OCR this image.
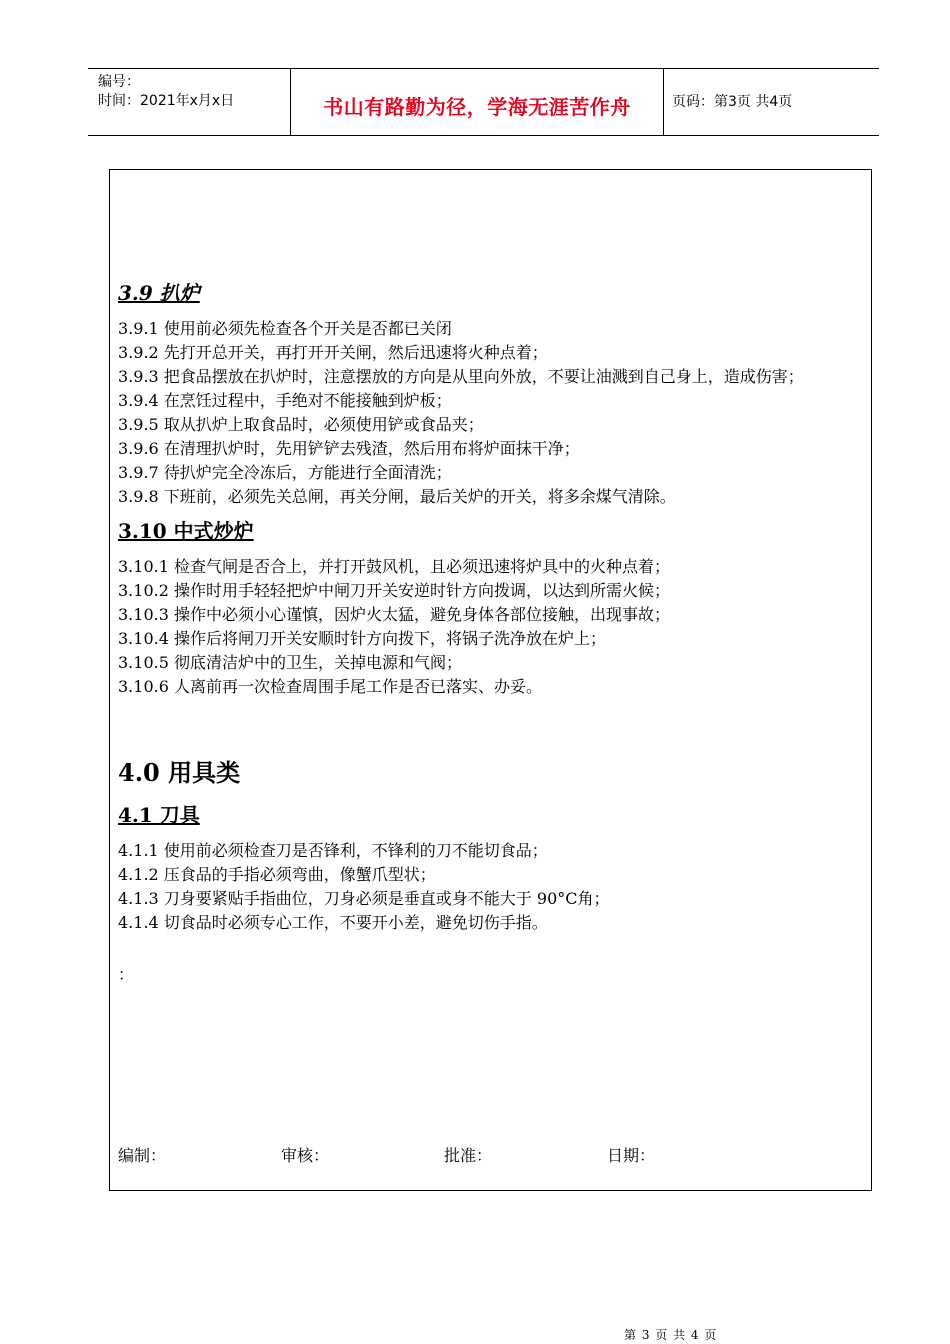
编号：
时间：2021年x月x日	书山有路勤为径，学海无涯苦作舟	页码：第3页 共4页

3.9 扒炉

3.9.1 使用前必须先检查各个开关是否都已关闭

3.9.2 先打开总开关，再打开开关闸，然后迅速将火种点着；

3.9.3 把食品摆放在扒炉时，注意摆放的方向是从里向外放，不要让油溅到自己身上，造成伤害；

3.9.4 在烹饪过程中，手绝对不能接触到炉板；

3.9.5 取从扒炉上取食品时，必须使用铲或食品夹；

3.9.6 在清理扒炉时，先用铲铲去残渣，然后用布将炉面抹干净；

3.9.7 待扒炉完全冷冻后，方能进行全面清洗；

3.9.8 下班前，必须先关总闸，再关分闸，最后关炉的开关，将多余煤气清除。

3.10 中式炒炉

3.10.1 检查气闸是否合上，并打开鼓风机，且必须迅速将炉具中的火种点着；

3.10.2 操作时用手轻轻把炉中闸刀开关安逆时针方向拨调，以达到所需火候；

3.10.3 操作中必须小心谨慎，因炉火太猛，避免身体各部位接触，出现事故；

3.10.4 操作后将闸刀开关安顺时针方向拨下，将锅子洗净放在炉上；

3.10.5 彻底清洁炉中的卫生，关掉电源和气阀；

3.10.6 人离前再一次检查周围手尾工作是否已落实、办妥。

4.0 用具类

4.1 刀具

4.1.1 使用前必须检查刀是否锋利，不锋利的刀不能切食品；

4.1.2 压食品的手指必须弯曲，像蟹爪型状；

4.1.3 刀身要紧贴手指曲位，刀身必须是垂直或身不能大于 90°C角；

4.1.4 切食品时必须专心工作，不要开小差，避免切伤手指。

：

编制：	审核：	批准：	日期：
第 3 页 共 4 页
